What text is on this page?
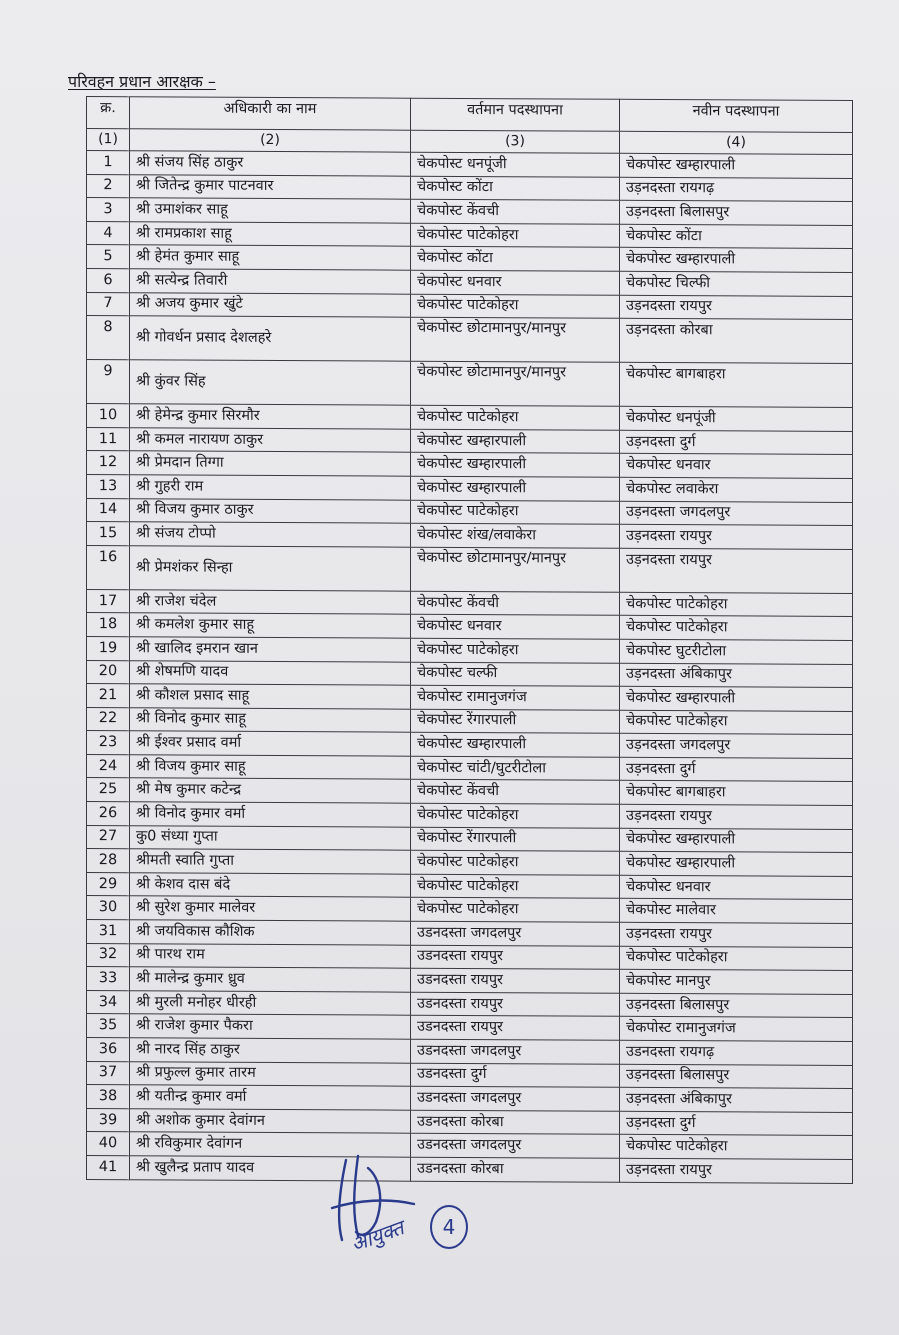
परिवहन प्रधान आरक्षक –
क्र.	अधिकारी का नाम	वर्तमान पदस्थापना	नवीन पदस्थापना
(1)	(2)	(3)	(4)
1	श्री संजय सिंह ठाकुर	चेकपोस्ट धनपूंजी	चेकपोस्ट खम्हारपाली
2	श्री जितेन्द्र कुमार पाटनवार	चेकपोस्ट कोंटा	उड़नदस्ता रायगढ़
3	श्री उमाशंकर साहू	चेकपोस्ट केंवची	उड़नदस्ता बिलासपुर
4	श्री रामप्रकाश साहू	चेकपोस्ट पाटेकोहरा	चेकपोस्ट कोंटा
5	श्री हेमंत कुमार साहू	चेकपोस्ट कोंटा	चेकपोस्ट खम्हारपाली
6	श्री सत्येन्द्र तिवारी	चेकपोस्ट धनवार	चेकपोस्ट चिल्फी
7	श्री अजय कुमार खुंटे	चेकपोस्ट पाटेकोहरा	उड़नदस्ता रायपुर
8	श्री गोवर्धन प्रसाद देशलहरे	चेकपोस्ट छोटामानपुर/मानपुर	उड़नदस्ता कोरबा
9	श्री कुंवर सिंह	चेकपोस्ट छोटामानपुर/मानपुर	चेकपोस्ट बागबाहरा
10	श्री हेमेन्द्र कुमार सिरमौर	चेकपोस्ट पाटेकोहरा	चेकपोस्ट धनपूंजी
11	श्री कमल नारायण ठाकुर	चेकपोस्ट खम्हारपाली	उड़नदस्ता दुर्ग
12	श्री प्रेमदान तिग्गा	चेकपोस्ट खम्हारपाली	चेकपोस्ट धनवार
13	श्री गुहरी राम	चेकपोस्ट खम्हारपाली	चेकपोस्ट लवाकेरा
14	श्री विजय कुमार ठाकुर	चेकपोस्ट पाटेकोहरा	उड़नदस्ता जगदलपुर
15	श्री संजय टोप्पो	चेकपोस्ट शंख/लवाकेरा	उड़नदस्ता रायपुर
16	श्री प्रेमशंकर सिन्हा	चेकपोस्ट छोटामानपुर/मानपुर	उड़नदस्ता रायपुर
17	श्री राजेश चंदेल	चेकपोस्ट केंवची	चेकपोस्ट पाटेकोहरा
18	श्री कमलेश कुमार साहू	चेकपोस्ट धनवार	चेकपोस्ट पाटेकोहरा
19	श्री खालिद इमरान खान	चेकपोस्ट पाटेकोहरा	चेकपोस्ट घुटरीटोला
20	श्री शेषमणि यादव	चेकपोस्ट चल्फी	उड़नदस्ता अंबिकापुर
21	श्री कौशल प्रसाद साहू	चेकपोस्ट रामानुजगंज	चेकपोस्ट खम्हारपाली
22	श्री विनोद कुमार साहू	चेकपोस्ट रेंगारपाली	चेकपोस्ट पाटेकोहरा
23	श्री ईश्वर प्रसाद वर्मा	चेकपोस्ट खम्हारपाली	उड़नदस्ता जगदलपुर
24	श्री विजय कुमार साहू	चेकपोस्ट चांटी/घुटरीटोला	उड़नदस्ता दुर्ग
25	श्री मेष कुमार कटेन्द्र	चेकपोस्ट केंवची	चेकपोस्ट बागबाहरा
26	श्री विनोद कुमार वर्मा	चेकपोस्ट पाटेकोहरा	उड़नदस्ता रायपुर
27	कु0 संध्या गुप्ता	चेकपोस्ट रेंगारपाली	चेकपोस्ट खम्हारपाली
28	श्रीमती स्वाति गुप्ता	चेकपोस्ट पाटेकोहरा	चेकपोस्ट खम्हारपाली
29	श्री केशव दास बंदे	चेकपोस्ट पाटेकोहरा	चेकपोस्ट धनवार
30	श्री सुरेश कुमार मालेवर	चेकपोस्ट पाटेकोहरा	चेकपोस्ट मालेवार
31	श्री जयविकास कौशिक	उडनदस्ता जगदलपुर	उड़नदस्ता रायपुर
32	श्री पारथ राम	उडनदस्ता रायपुर	चेकपोस्ट पाटेकोहरा
33	श्री मालेन्द्र कुमार ध्रुव	उडनदस्ता रायपुर	चेकपोस्ट मानपुर
34	श्री मुरली मनोहर धीरही	उडनदस्ता रायपुर	उड़नदस्ता बिलासपुर
35	श्री राजेश कुमार पैकरा	उडनदस्ता रायपुर	चेकपोस्ट रामानुजगंज
36	श्री नारद सिंह ठाकुर	उडनदस्ता जगदलपुर	उडनदस्ता रायगढ़
37	श्री प्रफुल्ल कुमार तारम	उडनदस्ता दुर्ग	उड़नदस्ता बिलासपुर
38	श्री यतीन्द्र कुमार वर्मा	उडनदस्ता जगदलपुर	उड़नदस्ता अंबिकापुर
39	श्री अशोक कुमार देवांगन	उडनदस्ता कोरबा	उड़नदस्ता दुर्ग
40	श्री रविकुमार देवांगन	उडनदस्ता जगदलपुर	चेकपोस्ट पाटेकोहरा
41	श्री खुलैन्द्र प्रताप यादव	उडनदस्ता कोरबा	उड़नदस्ता रायपुर
आयुक्त	4
